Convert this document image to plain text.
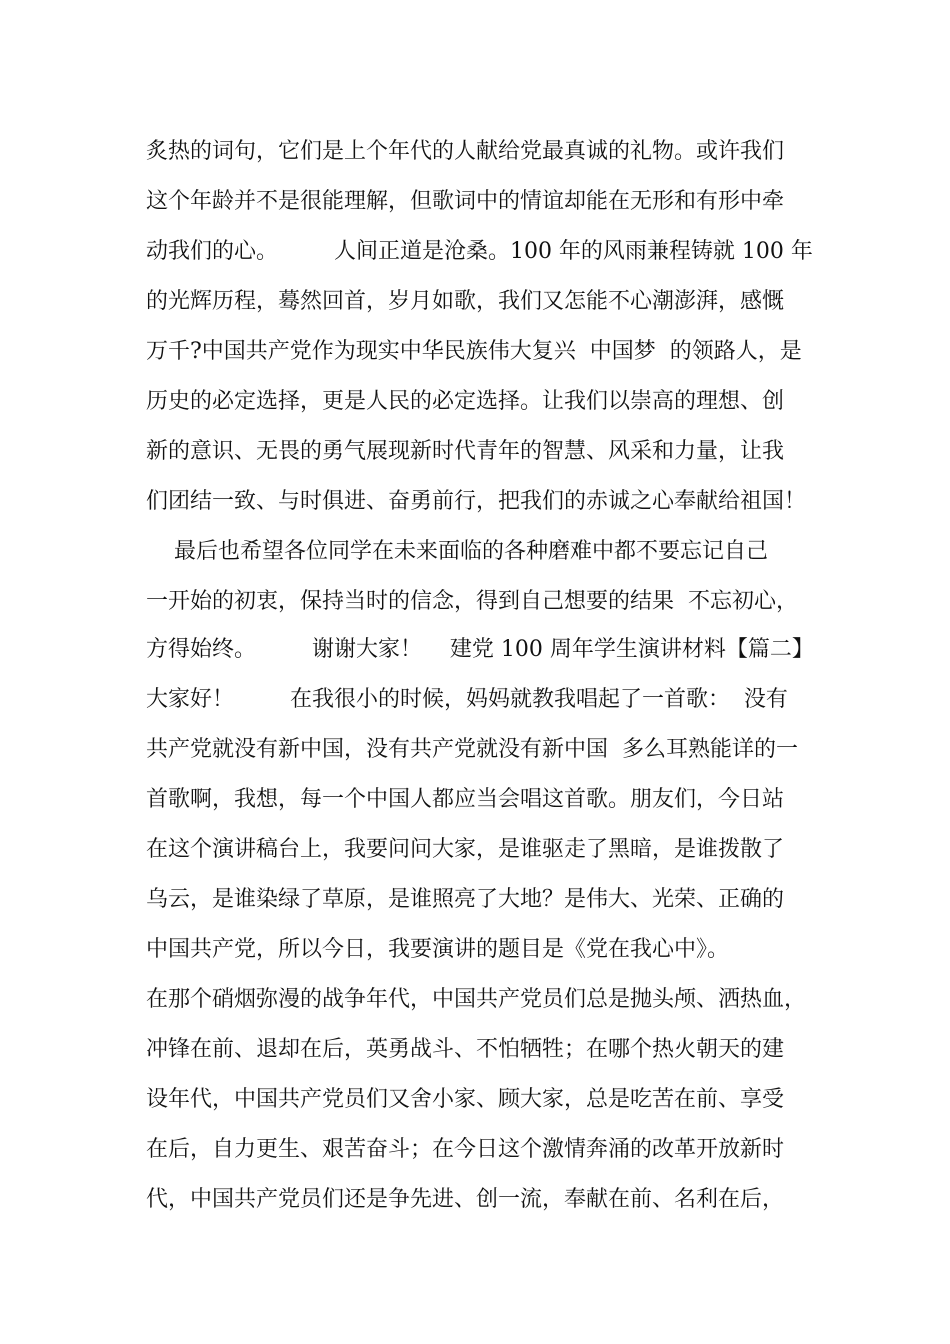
炙热的词句，它们是上个年代的人献给党最真诚的礼物。或许我们
这个年龄并不是很能理解，但歌词中的情谊却能在无形和有形中牵
动我们的心。        人间正道是沧桑。100 年的风雨兼程铸就 100 年
的光辉历程，蓦然回首，岁月如歌，我们又怎能不心潮澎湃，感慨
万千?中国共产党作为现实中华民族伟大复兴  中国梦  的领路人，是
历史的必定选择，更是人民的必定选择。让我们以崇高的理想、创
新的意识、无畏的勇气展现新时代青年的智慧、风采和力量，让我
们团结一致、与时俱进、奋勇前行，把我们的赤诚之心奉献给祖国！
最后也希望各位同学在未来面临的各种磨难中都不要忘记自己
一开始的初衷，保持当时的信念，得到自己想要的结果  不忘初心，
方得始终。        谢谢大家！    建党 100 周年学生演讲材料【篇二】
大家好！        在我很小的时候，妈妈就教我唱起了一首歌：  没有
共产党就没有新中国，没有共产党就没有新中国  多么耳熟能详的一
首歌啊，我想，每一个中国人都应当会唱这首歌。朋友们，今日站
在这个演讲稿台上，我要问问大家，是谁驱走了黑暗，是谁拨散了
乌云，是谁染绿了草原，是谁照亮了大地？是伟大、光荣、正确的
中国共产党，所以今日，我要演讲的题目是《党在我心中》。
在那个硝烟弥漫的战争年代，中国共产党员们总是抛头颅、洒热血，
冲锋在前、退却在后，英勇战斗、不怕牺牲；在哪个热火朝天的建
设年代，中国共产党员们又舍小家、顾大家，总是吃苦在前、享受
在后，自力更生、艰苦奋斗；在今日这个激情奔涌的改革开放新时
代，中国共产党员们还是争先进、创一流，奉献在前、名利在后，
